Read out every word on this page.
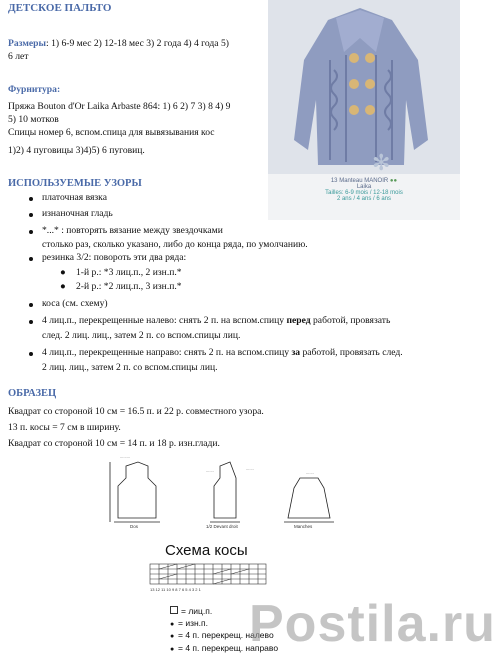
ДЕТСКОЕ ПАЛЬТО
Размеры: 1) 6-9 мес 2) 12-18 мес 3) 2 года 4) 4 года 5)
6 лет
Фурнитура:
Пряжа Bouton d'Or Laika Arbaste 864: 1) 6 2) 7 3) 8 4) 9
5) 10 мотков
Спицы номер 6, вспом.спица для вывязывания кос
1)2) 4 пуговицы 3)4)5) 6 пуговиц.
13 Manteau MANOIR ●●
Laika
Tailles: 6-9 mois / 12-18 mois
2 ans / 4 ans / 6 ans
✻
ИСПОЛЬЗУЕМЫЕ УЗОРЫ
платочная вязка
изнаночная гладь
*...* : повторять вязание между звездочками
столько раз, сколько указано, либо до конца ряда, по умолчанию.
резинка 3/2: повороть эти два ряда:
● 1-й р.: *3 лиц.п., 2 изн.п.*
● 2-й р.: *2 лиц.п., 3 изн.п.*
коса (см. схему)
4 лиц.п., перекрещенные налево: снять 2 п. на вспом.спицу перед работой, провязать
след. 2 лиц. лиц., затем 2 п. со вспом.спицы лиц.
4 лиц.п., перекрещенные направо: снять 2 п. на вспом.спицу за работой, провязать след.
2 лиц. лиц., затем 2 п. со вспом.спицы лиц.
ОБРАЗЕЦ
Квадрат со стороной 10 см = 16.5 п. и 22 р. совместного узора.
13 п. косы = 7 см в ширину.
Квадрат со стороной 10 см = 14 п. и 18 р. изн.глади.
.........
.......	.......
.......
Dos	1/2 Devant droit	Manches
Схема косы
13 12 11 10 9 8 7 6 5 4 3 2 1
= лиц.п.
● = изн.п.
● = 4 п. перекрещ. налево
● = 4 п. перекрещ. направо
Postila.ru
